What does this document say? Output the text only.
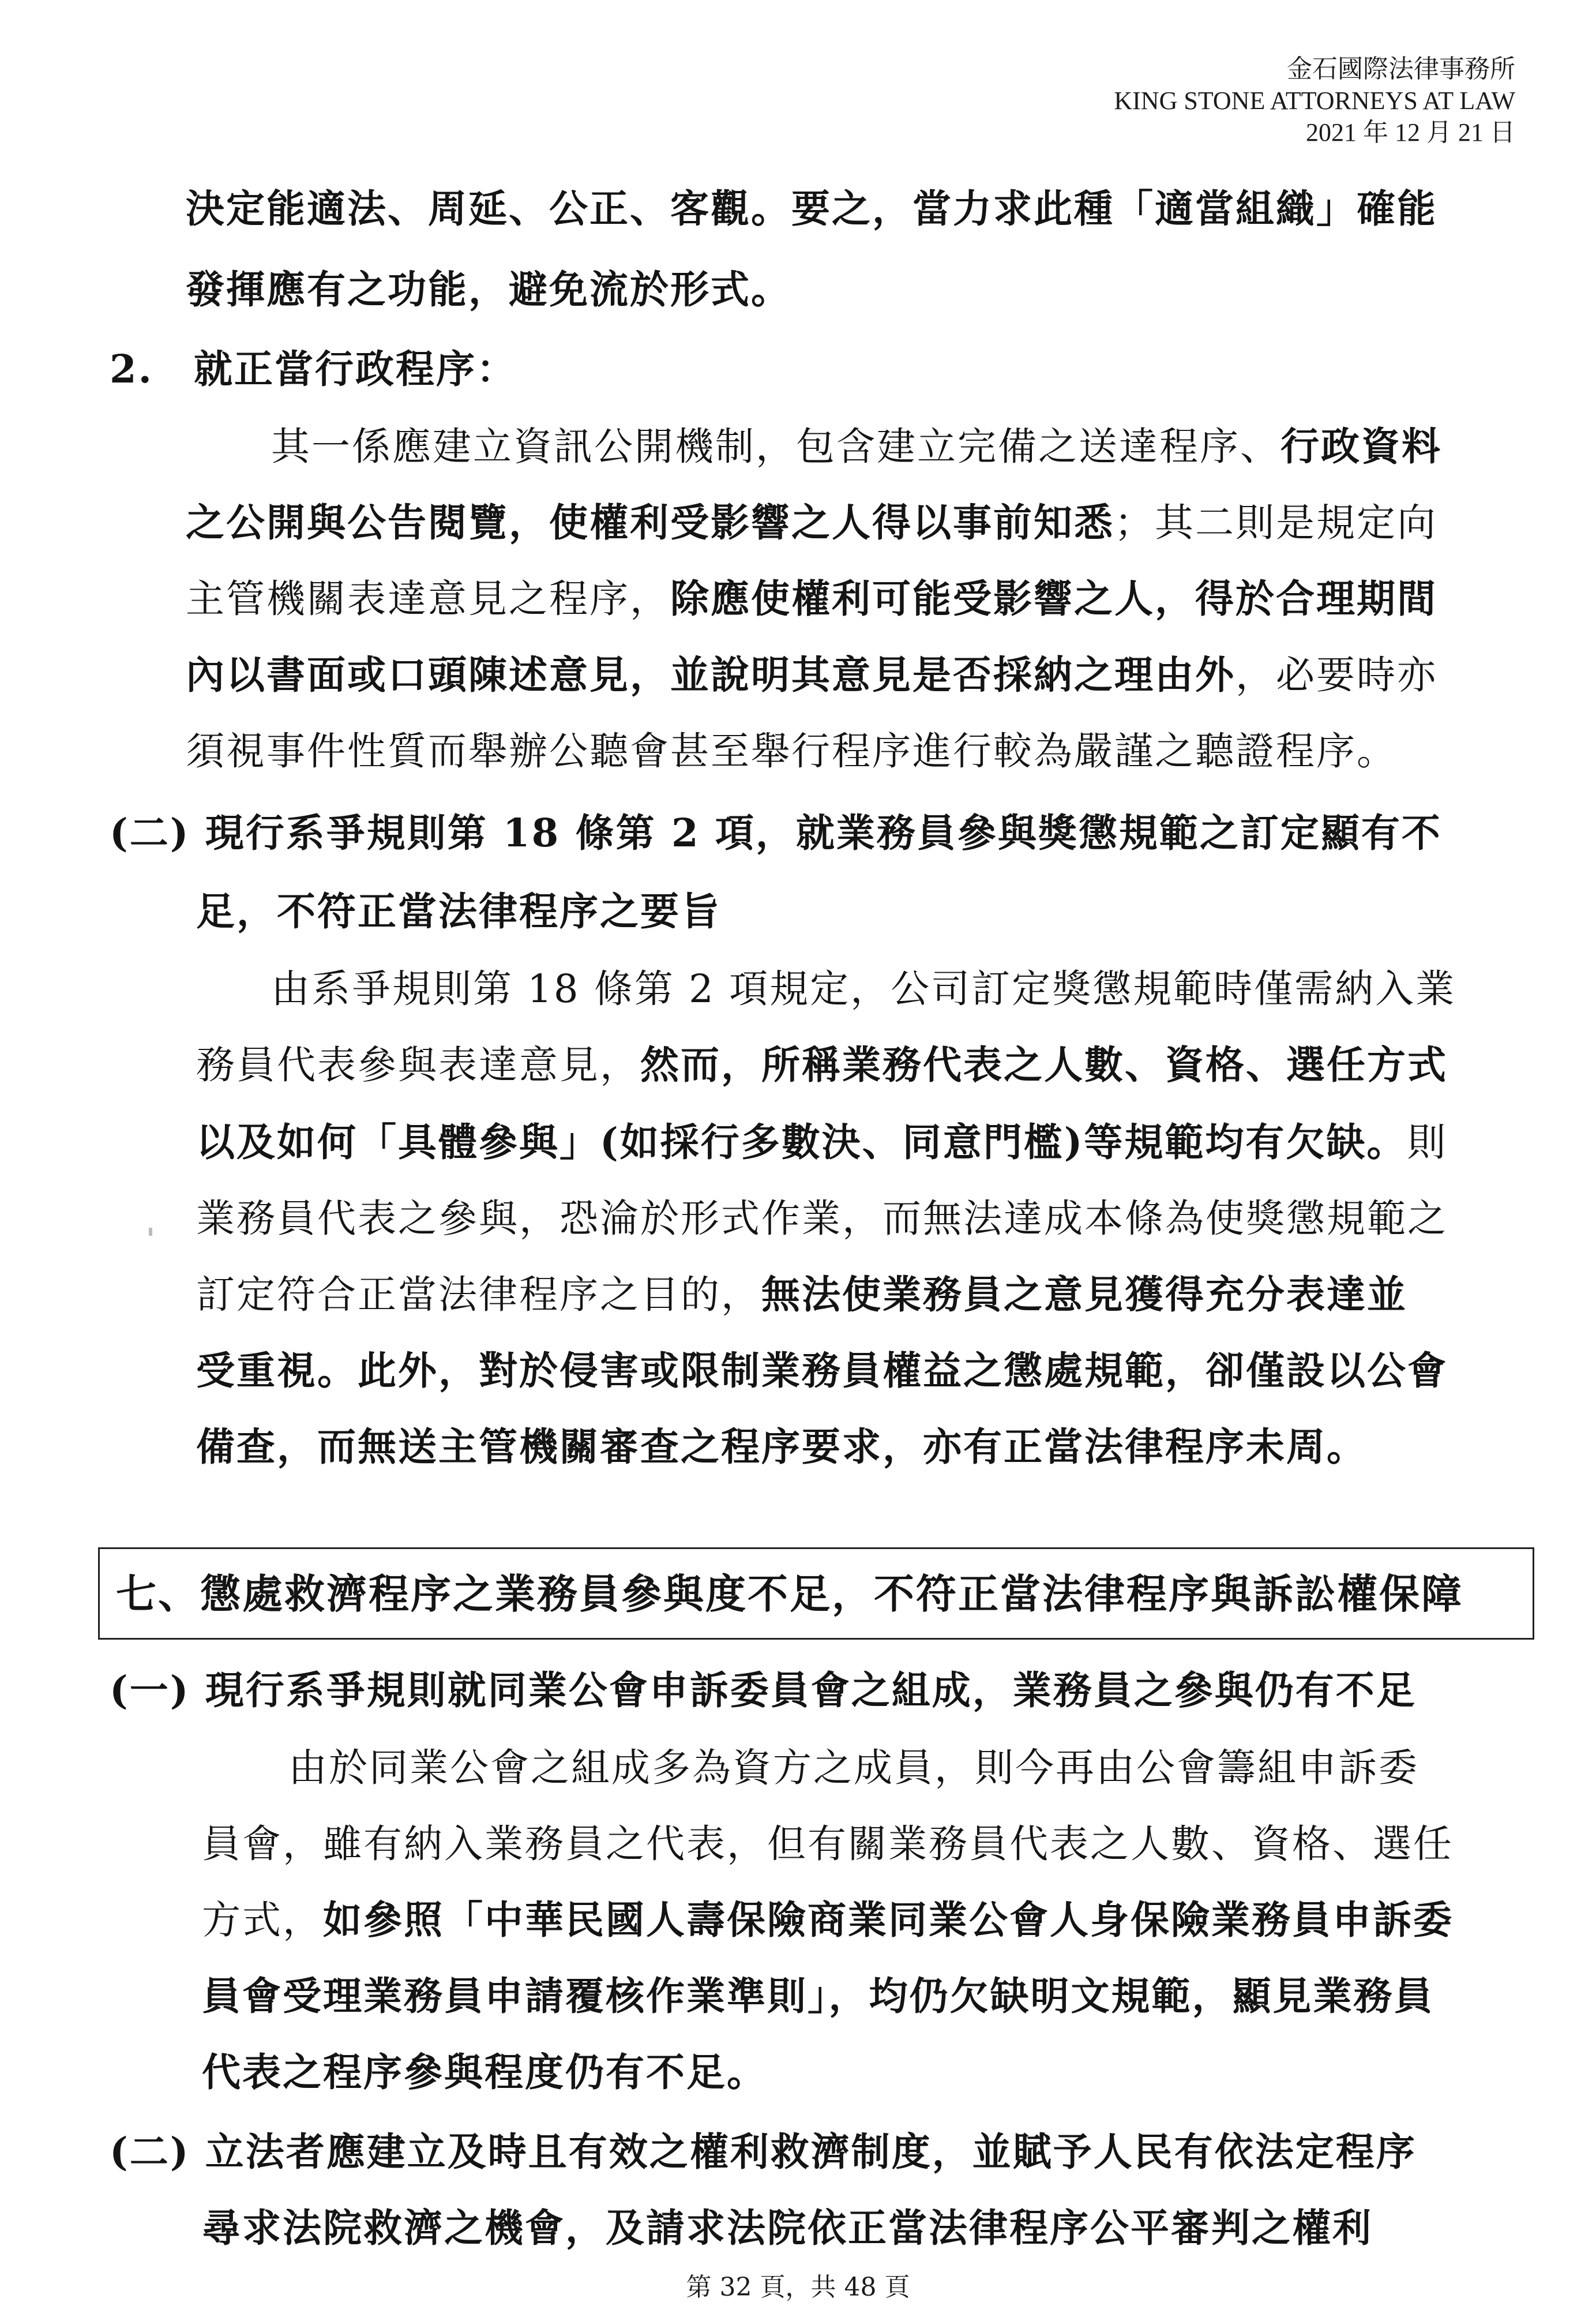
金石國際法律事務所
KING STONE ATTORNEYS AT LAW
2021 年 12 月 21 日
決定能適法、周延、公正、客觀。要之，當力求此種「適當組織」確能
發揮應有之功能，避免流於形式。
2.　就正當行政程序：
其一係應建立資訊公開機制，包含建立完備之送達程序、行政資料
之公開與公告閱覽，使權利受影響之人得以事前知悉；其二則是規定向
主管機關表達意見之程序，除應使權利可能受影響之人，得於合理期間
內以書面或口頭陳述意見，並說明其意見是否採納之理由外，必要時亦
須視事件性質而舉辦公聽會甚至舉行程序進行較為嚴謹之聽證程序。
(二) 現行系爭規則第 18 條第 2 項，就業務員參與獎懲規範之訂定顯有不
足，不符正當法律程序之要旨
由系爭規則第 18 條第 2 項規定，公司訂定獎懲規範時僅需納入業
務員代表參與表達意見，然而，所稱業務代表之人數、資格、選任方式
以及如何「具體參與」(如採行多數決、同意門檻)等規範均有欠缺。則
業務員代表之參與，恐淪於形式作業，而無法達成本條為使獎懲規範之
訂定符合正當法律程序之目的，無法使業務員之意見獲得充分表達並
受重視。此外，對於侵害或限制業務員權益之懲處規範，卻僅設以公會
備查，而無送主管機關審查之程序要求，亦有正當法律程序未周。
七、懲處救濟程序之業務員參與度不足，不符正當法律程序與訴訟權保障
(一) 現行系爭規則就同業公會申訴委員會之組成，業務員之參與仍有不足
由於同業公會之組成多為資方之成員，則今再由公會籌組申訴委
員會，雖有納入業務員之代表，但有關業務員代表之人數、資格、選任
方式，如參照「中華民國人壽保險商業同業公會人身保險業務員申訴委
員會受理業務員申請覆核作業準則」，均仍欠缺明文規範，顯見業務員
代表之程序參與程度仍有不足。
(二) 立法者應建立及時且有效之權利救濟制度，並賦予人民有依法定程序
尋求法院救濟之機會，及請求法院依正當法律程序公平審判之權利
第 32 頁，共 48 頁
